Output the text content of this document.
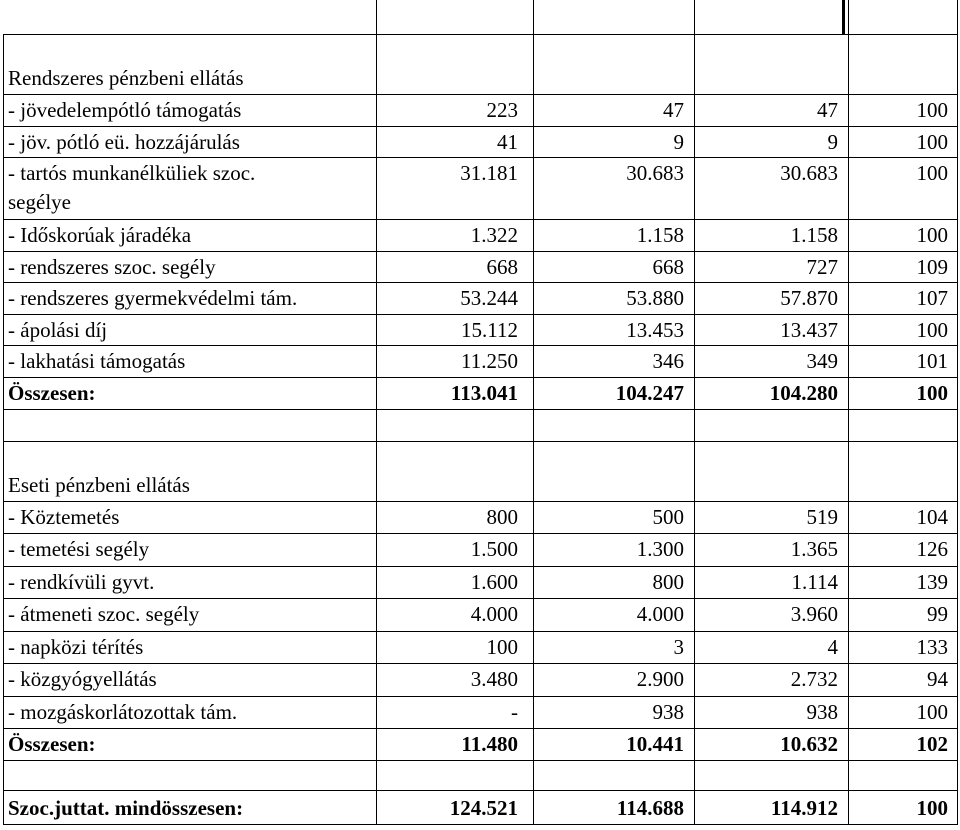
Rendszeres pénzbeni ellátás
- jövedelempótló támogatás	223	47	47	100
- jöv. pótló eü. hozzájárulás	41	9	9	100
- tartós munkanélküliek szoc.
segélye
31.181	30.683	30.683	100
- Időskorúak járadéka	1.322	1.158	1.158	100
- rendszeres szoc. segély	668	668	727	109
- rendszeres gyermekvédelmi tám.	53.244	53.880	57.870	107
- ápolási díj	15.112	13.453	13.437	100
- lakhatási támogatás	11.250	346	349	101
Összesen:	113.041	104.247	104.280	100
Eseti pénzbeni ellátás
- Köztemetés	800	500	519	104
- temetési segély	1.500	1.300	1.365	126
- rendkívüli gyvt.	1.600	800	1.114	139
- átmeneti szoc. segély	4.000	4.000	3.960	99
- napközi térítés	100	3	4	133
- közgyógyellátás	3.480	2.900	2.732	94
- mozgáskorlátozottak tám.	-	938	938	100
Összesen:	11.480	10.441	10.632	102
Szoc.juttat. mindösszesen:	124.521	114.688	114.912	100
